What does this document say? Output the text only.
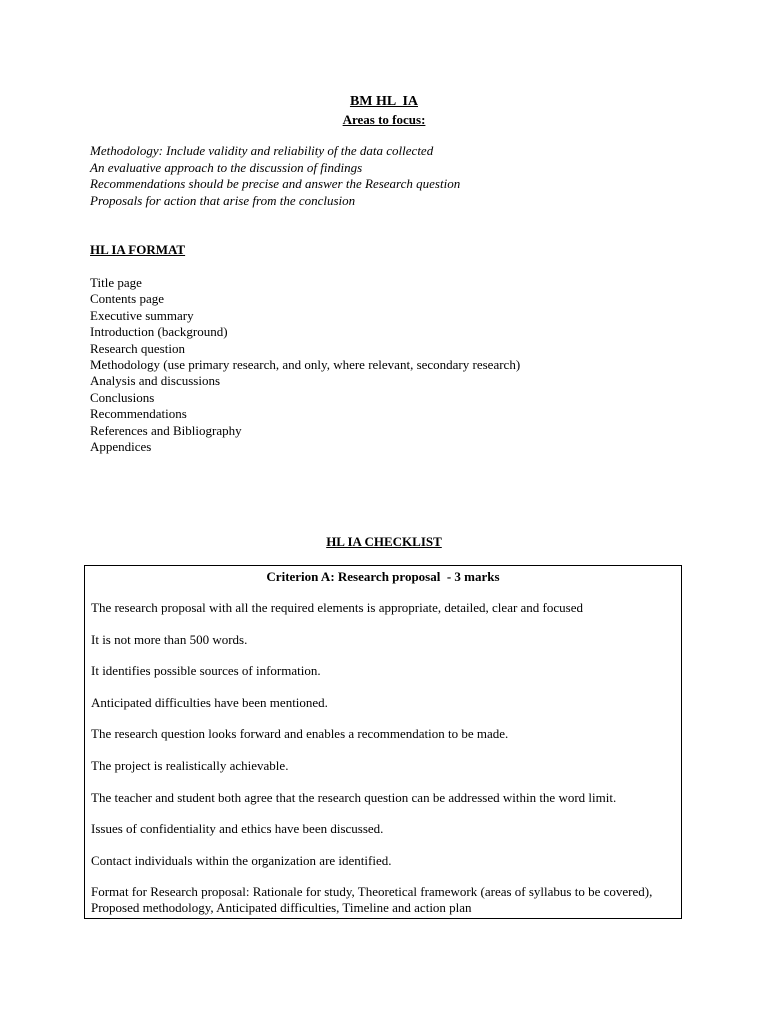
BM HL  IA
Areas to focus:
Methodology: Include validity and reliability of the data collected
An evaluative approach to the discussion of findings
Recommendations should be precise and answer the Research question
Proposals for action that arise from the conclusion
HL IA FORMAT
Title page
Contents page
Executive summary
Introduction (background)
Research question
Methodology (use primary research, and only, where relevant, secondary research)
Analysis and discussions
Conclusions
Recommendations
References and Bibliography
Appendices
HL IA CHECKLIST
Criterion A: Research proposal  - 3 marks
The research proposal with all the required elements is appropriate, detailed, clear and focused
It is not more than 500 words.
It identifies possible sources of information.
Anticipated difficulties have been mentioned.
The research question looks forward and enables a recommendation to be made.
The project is realistically achievable.
The teacher and student both agree that the research question can be addressed within the word limit.
Issues of confidentiality and ethics have been discussed.
Contact individuals within the organization are identified.
Format for Research proposal: Rationale for study, Theoretical framework (areas of syllabus to be covered), Proposed methodology, Anticipated difficulties, Timeline and action plan
